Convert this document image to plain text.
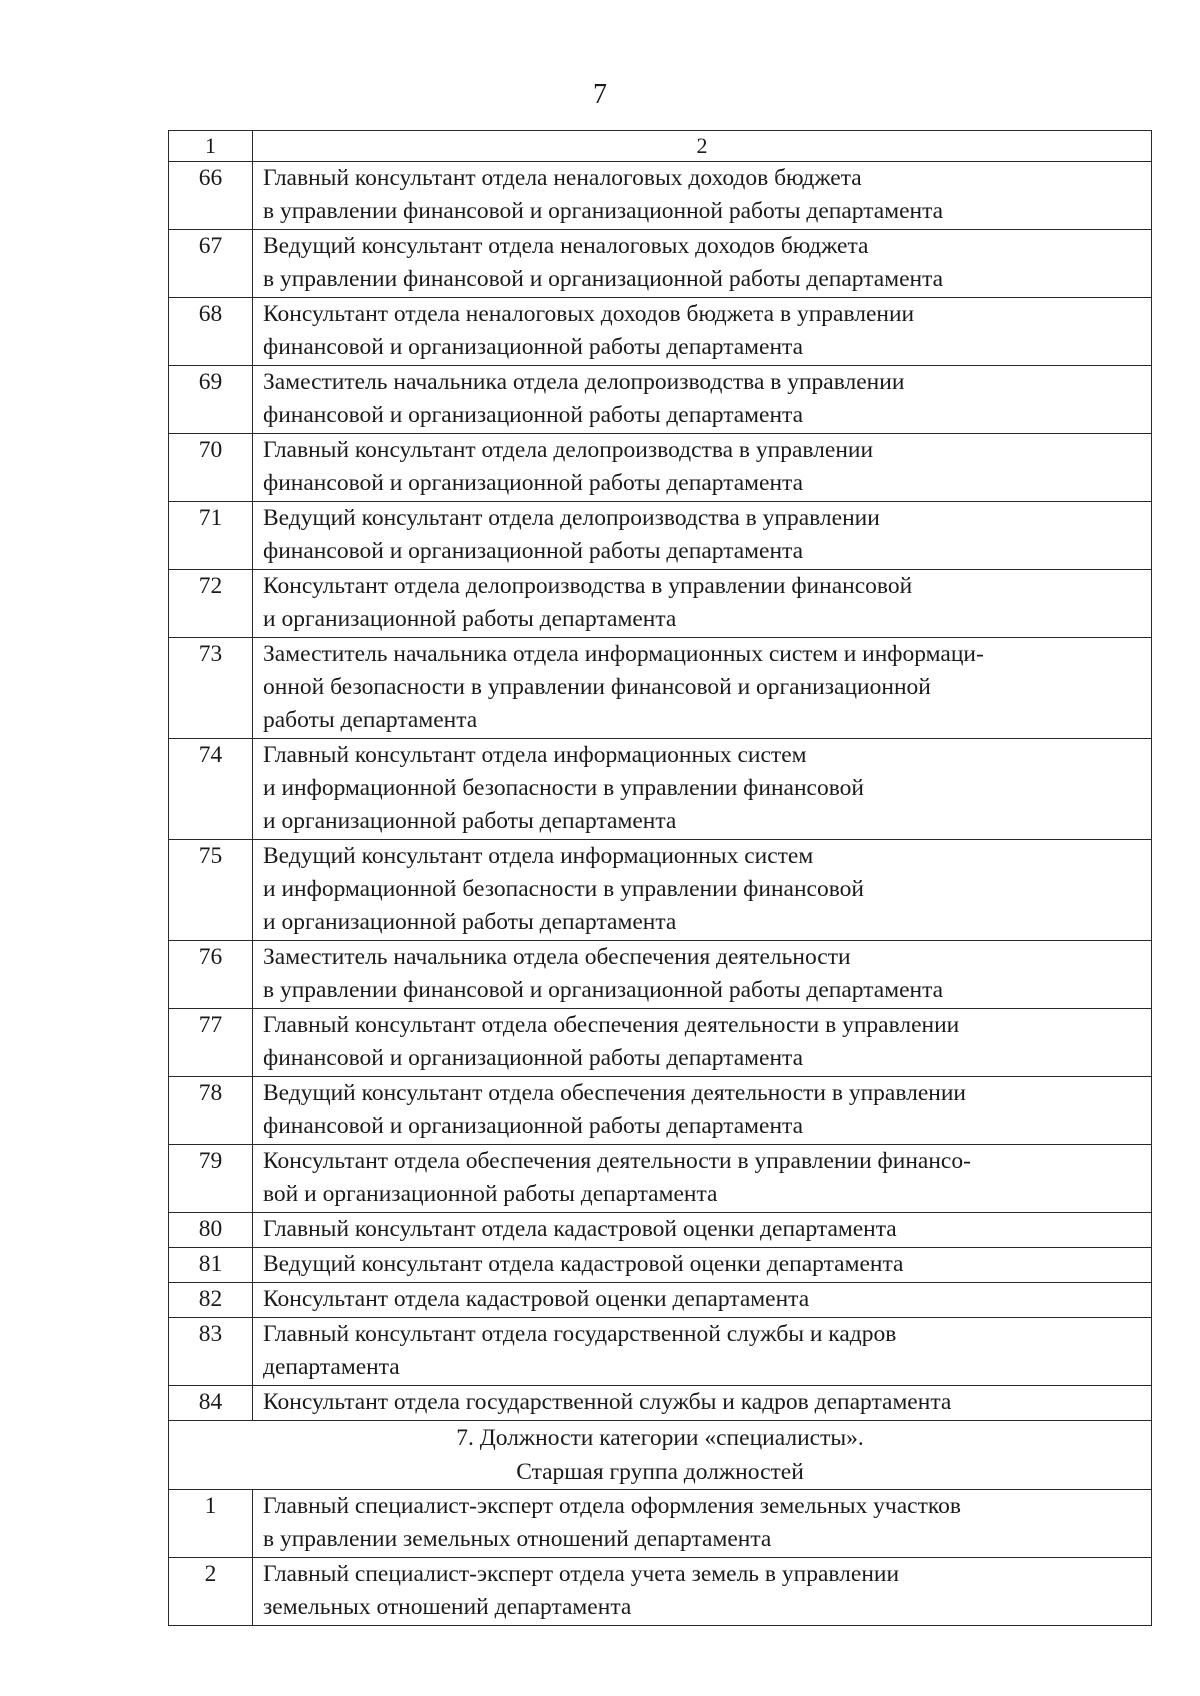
7
1	2
66	Главный консультант отдела неналоговых доходов бюджета
в управлении финансовой и организационной работы департамента

67	Ведущий консультант отдела неналоговых доходов бюджета
в управлении финансовой и организационной работы департамента

68	Консультант отдела неналоговых доходов бюджета в управлении
финансовой и организационной работы департамента

69	Заместитель начальника отдела делопроизводства в управлении
финансовой и организационной работы департамента

70	Главный консультант отдела делопроизводства в управлении
финансовой и организационной работы департамента

71	Ведущий консультант отдела делопроизводства в управлении
финансовой и организационной работы департамента

72	Консультант отдела делопроизводства в управлении финансовой
и организационной работы департамента

73	Заместитель начальника отдела информационных систем и информаци-
онной безопасности в управлении финансовой и организационной
работы департамента

74	Главный консультант отдела информационных систем
и информационной безопасности в управлении финансовой
и организационной работы департамента

75	Ведущий консультант отдела информационных систем
и информационной безопасности в управлении финансовой
и организационной работы департамента

76	Заместитель начальника отдела обеспечения деятельности
в управлении финансовой и организационной работы департамента

77	Главный консультант отдела обеспечения деятельности в управлении
финансовой и организационной работы департамента

78	Ведущий консультант отдела обеспечения деятельности в управлении
финансовой и организационной работы департамента

79	Консультант отдела обеспечения деятельности в управлении финансо-
вой и организационной работы департамента

80	Главный консультант отдела кадастровой оценки департамента

81	Ведущий консультант отдела кадастровой оценки департамента

82	Консультант отдела кадастровой оценки департамента

83	Главный консультант отдела государственной службы и кадров
департамента

84	Консультант отдела государственной службы и кадров департамента

7. Должности категории «специалисты».
Старшая группа должностей	

1	Главный специалист-эксперт отдела оформления земельных участков
в управлении земельных отношений департамента

2	Главный специалист-эксперт отдела учета земель в управлении
земельных отношений департамента
